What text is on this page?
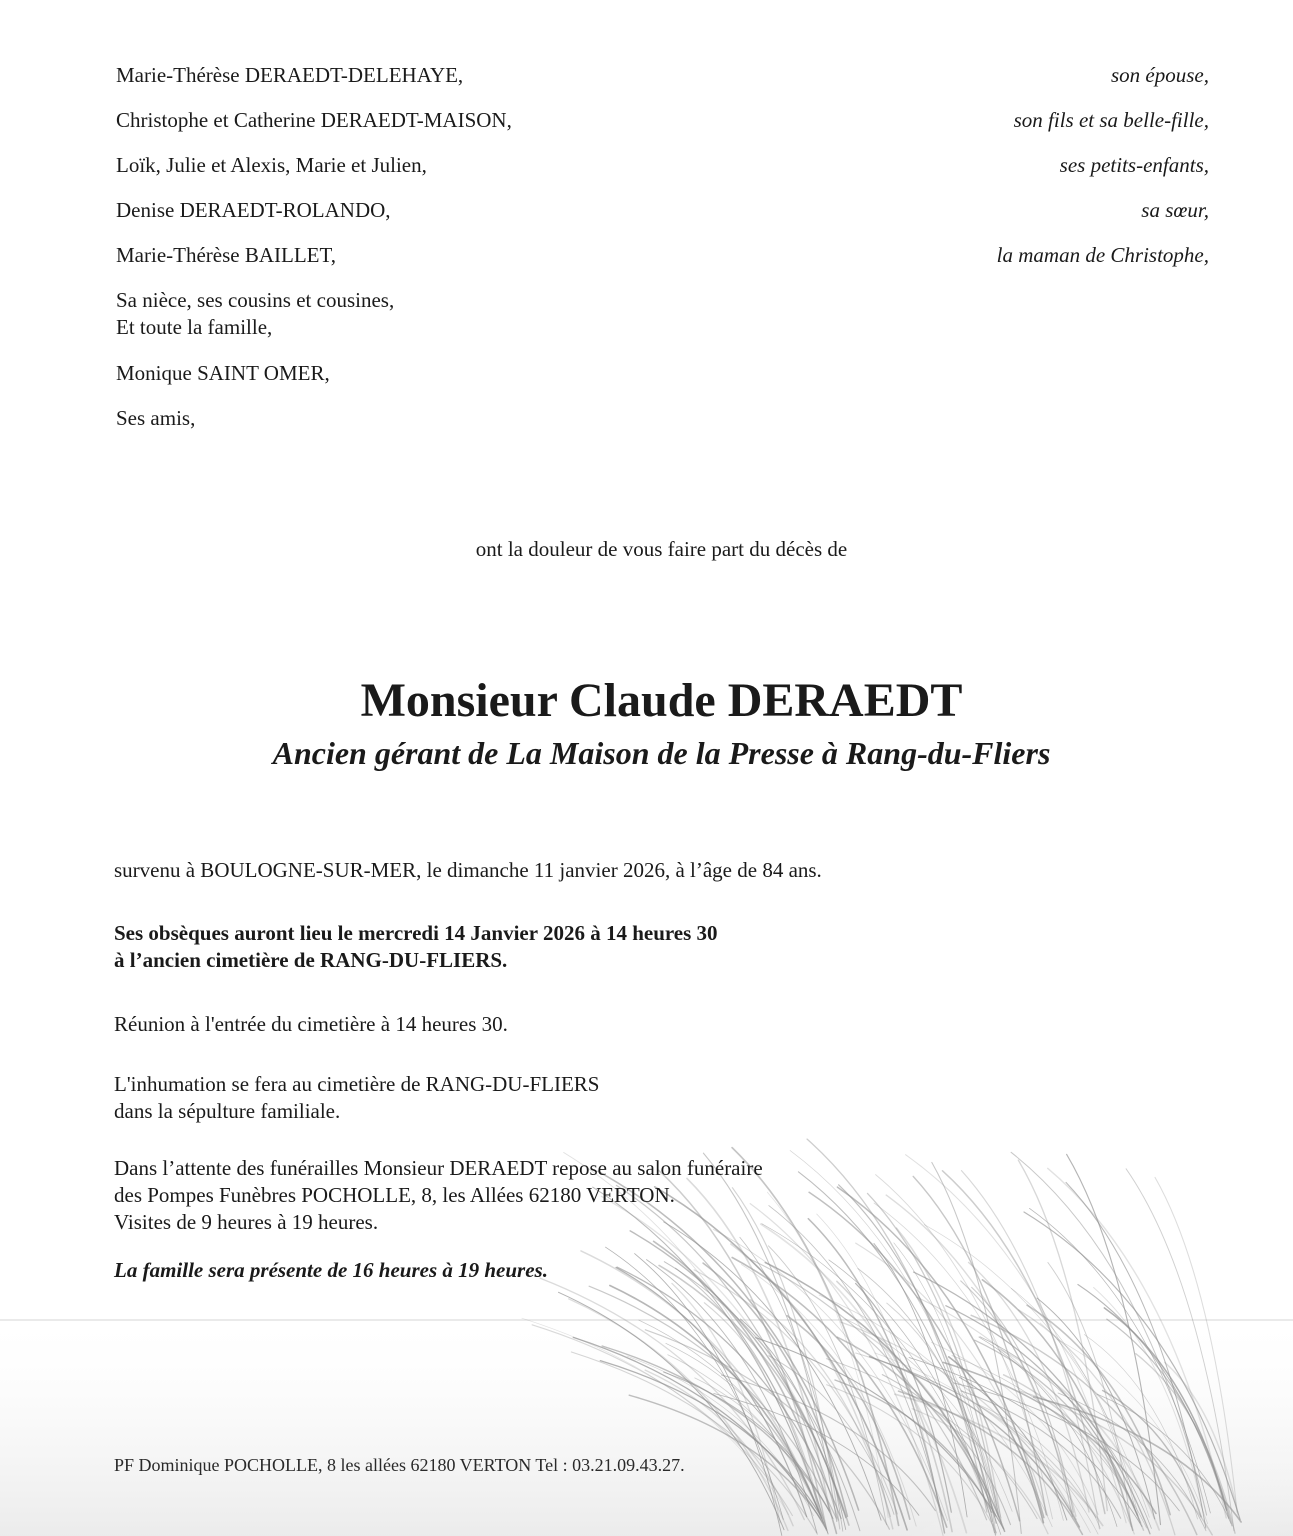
Marie-Thérèse DERAEDT-DELEHAYE,	son épouse,
Christophe et Catherine DERAEDT-MAISON,	son fils et sa belle-fille,
Loïk, Julie et Alexis, Marie et Julien,	ses petits-enfants,
Denise DERAEDT-ROLANDO,	sa sœur,
Marie-Thérèse BAILLET,	la maman de Christophe,
Sa nièce, ses cousins et cousines,
Et toute la famille,
Monique SAINT OMER,
Ses amis,
ont la douleur de vous faire part du décès de
Monsieur Claude DERAEDT
Ancien gérant de La Maison de la Presse à Rang-du-Fliers
survenu à BOULOGNE-SUR-MER, le dimanche 11 janvier 2026, à l’âge de 84 ans.
Ses obsèques auront lieu le mercredi 14 Janvier 2026 à 14 heures 30
à l’ancien cimetière de RANG-DU-FLIERS.
Réunion à l'entrée du cimetière à 14 heures 30.
L'inhumation se fera au cimetière de RANG-DU-FLIERS
dans la sépulture familiale.
Dans l’attente des funérailles Monsieur DERAEDT repose au salon funéraire
des Pompes Funèbres POCHOLLE, 8, les Allées 62180 VERTON.
Visites de 9 heures à 19 heures.
La famille sera présente de 16 heures à 19 heures.
PF Dominique POCHOLLE, 8 les allées 62180 VERTON Tel : 03.21.09.43.27.
